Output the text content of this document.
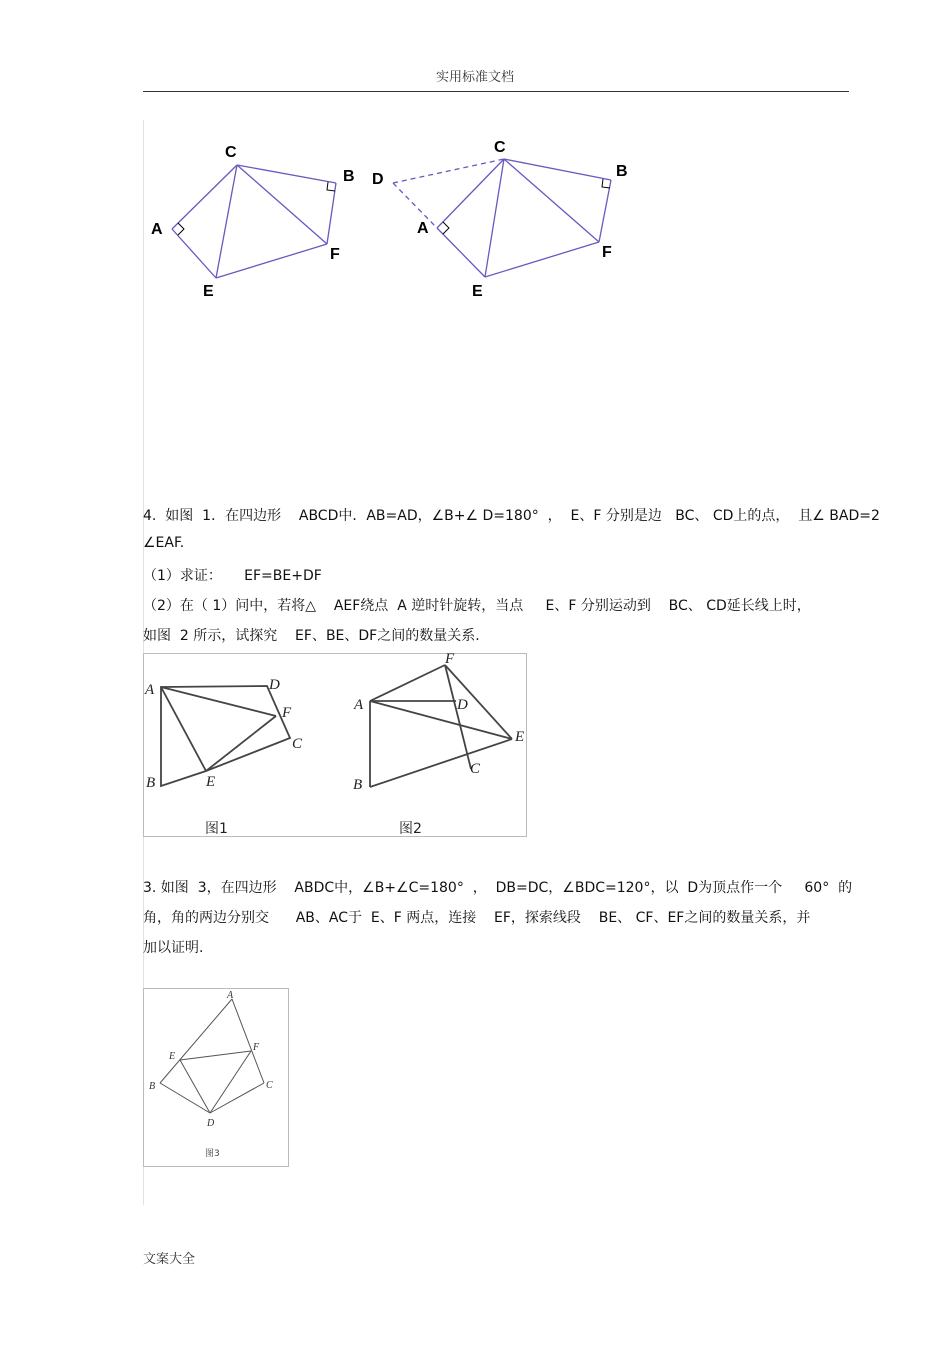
实用标准文档
C
B
A
F
E
C
B
D
A
F
E
4.  如图  1．在四边形    ABCD中．AB=AD，∠B+∠ D=180°  ，  E、F 分别是边   BC、 CD上的点，  且∠ BAD=2
∠EAF.
（1）求证：     EF=BE+DF
（2）在（ 1）问中，若将△    AEF绕点  A 逆时针旋转，当点     E、F 分别运动到    BC、 CD延长线上时，
如图  2 所示，试探究    EF、BE、DF之间的数量关系.
A	D
F
C
E
B
图1
F
A	D
E
C
B
图2
3. 如图  3，在四边形    ABDC中，∠B+∠C=180°  ，  DB=DC，∠BDC=120°，以  D为顶点作一个     60°  的
角，角的两边分别交      AB、AC于  E、F 两点，连接    EF，探索线段    BE、 CF、EF之间的数量关系，并
加以证明.
A
E
F
B	C
D
图3
文案大全
